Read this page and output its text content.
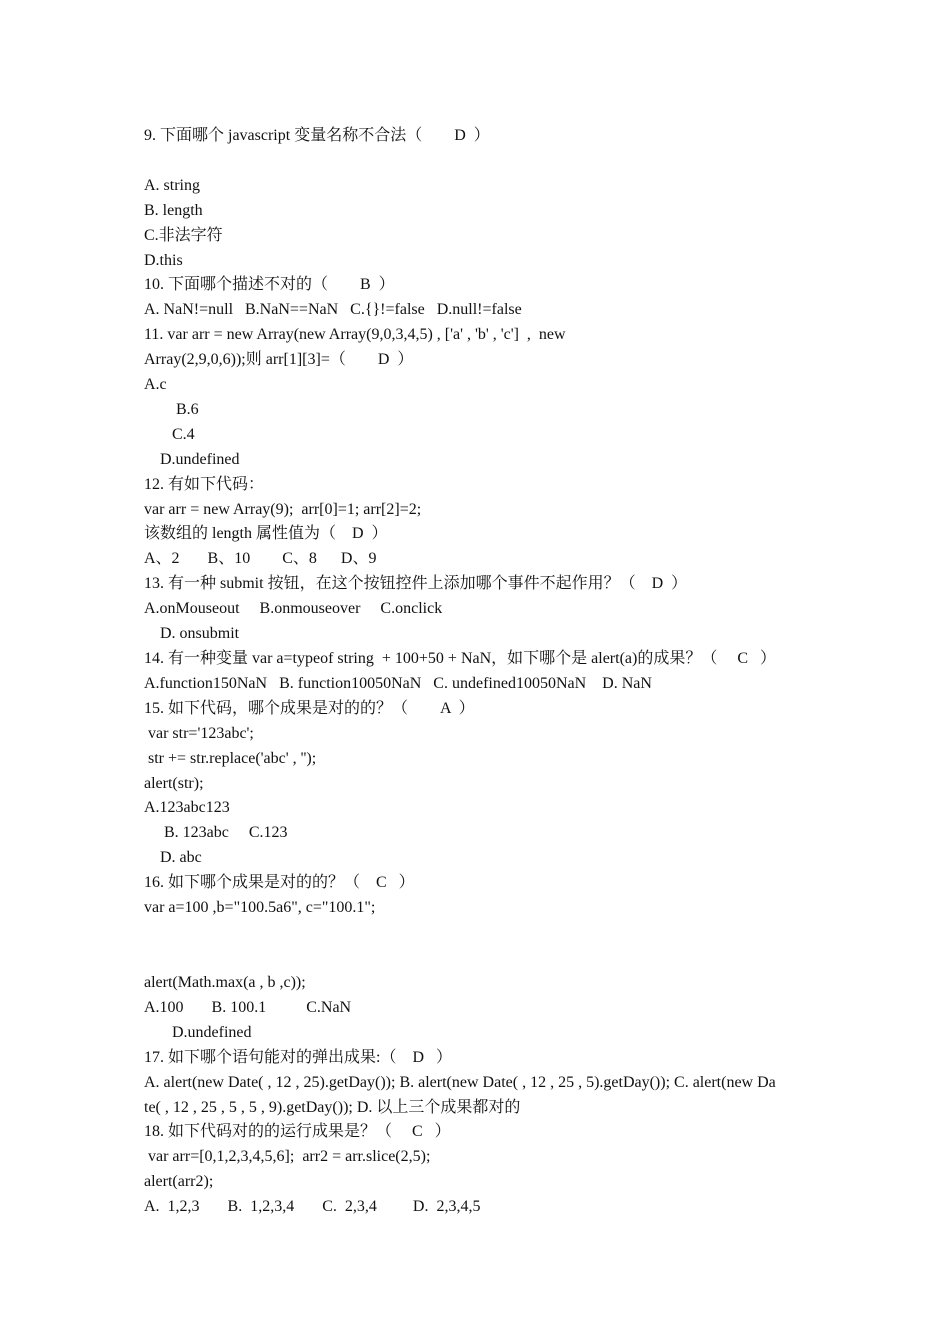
9. 下面哪个 javascript 变量名称不合法（        D  ）
A. string
B. length
C.非法字符
D.this
10. 下面哪个描述不对的（        B  ）
A. NaN!=null   B.NaN==NaN   C.{}!=false   D.null!=false
11. var arr = new Array(new Array(9,0,3,4,5) , ['a' , 'b' , 'c']  ,  new
Array(2,9,0,6));则 arr[1][3]=（        D  ）
A.c
B.6
C.4
D.undefined
12. 有如下代码：
var arr = new Array(9);  arr[0]=1; arr[2]=2;
该数组的 length 属性值为（    D  ）
A、2       B、10        C、8      D、9
13. 有一种 submit 按钮，在这个按钮控件上添加哪个事件不起作用？（    D  ）
A.onMouseout     B.onmouseover     C.onclick
D. onsubmit
14. 有一种变量 var a=typeof string  + 100+50 + NaN，如下哪个是 alert(a)的成果？（     C   ）
A.function150NaN   B. function10050NaN   C. undefined10050NaN    D. NaN
15. 如下代码，哪个成果是对的的？（        A  ）
var str='123abc';
str += str.replace('abc' , '');
alert(str);
A.123abc123
B. 123abc     C.123
D. abc
16. 如下哪个成果是对的的？（    C   ）
var a=100 ,b="100.5a6", c="100.1";
alert(Math.max(a , b ,c));
A.100       B. 100.1          C.NaN
D.undefined
17. 如下哪个语句能对的弹出成果:（    D   ）
A. alert(new Date( , 12 , 25).getDay()); B. alert(new Date( , 12 , 25 , 5).getDay()); C. alert(new Da
te( , 12 , 25 , 5 , 5 , 9).getDay()); D. 以上三个成果都对的
18. 如下代码对的的运行成果是？（     C   ）
var arr=[0,1,2,3,4,5,6];  arr2 = arr.slice(2,5);
alert(arr2);
A.  1,2,3       B.  1,2,3,4       C.  2,3,4         D.  2,3,4,5
